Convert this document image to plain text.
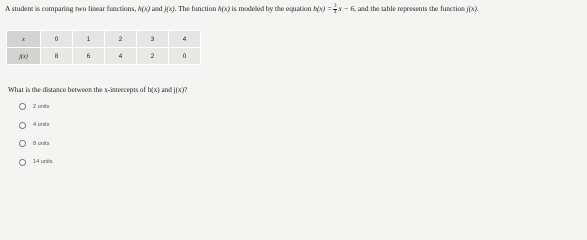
A student is comparing two linear functions, h(x) and j(x). The function h(x) is modeled by the equation $h(x) = \frac{3}{4}$ x − 6, and the table represents the function j(x).
x	0	1	2	3	4
j(x)	8	6	4	2	0
What is the distance between the x-intercepts of h(x) and j(x)?
2 units
4 units
8 units
14 units
